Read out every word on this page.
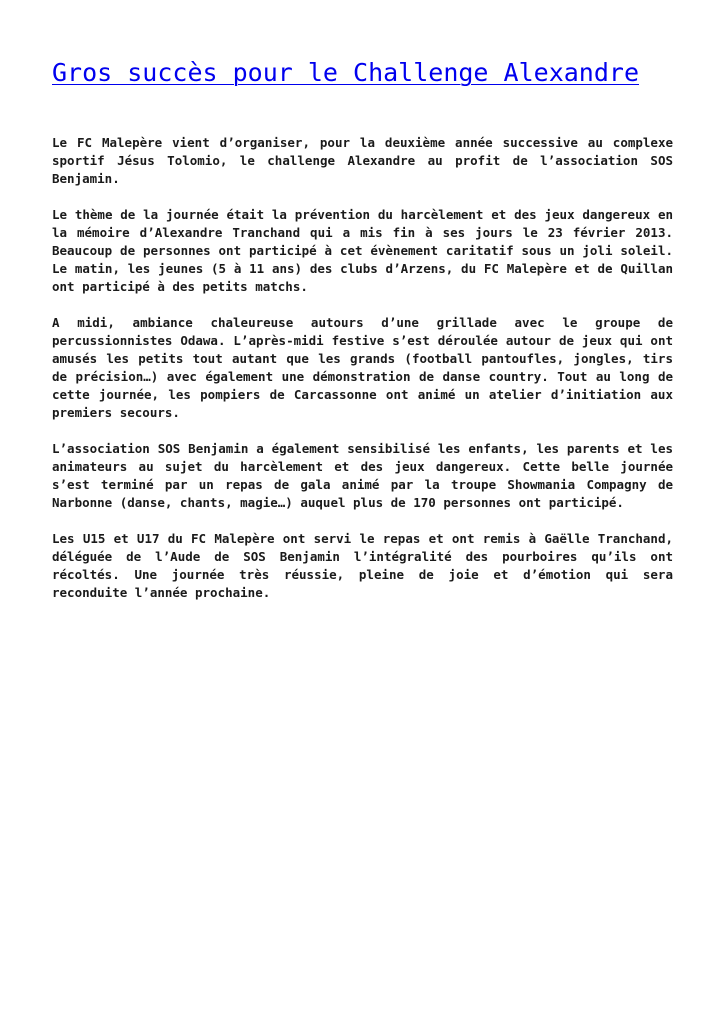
Gros succès pour le Challenge Alexandre

Le FC Malepère vient d’organiser, pour la deuxième année successive au complexe sportif Jésus Tolomio, le challenge Alexandre au profit de l’association SOS Benjamin.

Le thème de la journée était la prévention du harcèlement et des jeux dangereux en la mémoire d’Alexandre Tranchand qui a mis fin à ses jours le 23 février 2013. Beaucoup de personnes ont participé à cet évènement caritatif sous un joli soleil. Le matin, les jeunes (5 à 11 ans) des clubs d’Arzens, du FC Malepère et de Quillan ont participé à des petits matchs.

A midi, ambiance chaleureuse autours d’une grillade avec le groupe de percussionnistes Odawa. L’après-midi festive s’est déroulée autour de jeux qui ont amusés les petits tout autant que les grands (football pantoufles, jongles, tirs de précision…) avec également une démonstration de danse country. Tout au long de cette journée, les pompiers de Carcassonne ont animé un atelier d’initiation aux premiers secours.

L’association SOS Benjamin a également sensibilisé les enfants, les parents et les animateurs au sujet du harcèlement et des jeux dangereux. Cette belle journée s’est terminé par un repas de gala animé par la troupe Showmania Compagny de Narbonne (danse, chants, magie…) auquel plus de 170 personnes ont participé.

Les U15 et U17 du FC Malepère ont servi le repas et ont remis à Gaëlle Tranchand, déléguée de l’Aude de SOS Benjamin l’intégralité des pourboires qu’ils ont récoltés. Une journée très réussie, pleine de joie et d’émotion qui sera reconduite l’année prochaine.
